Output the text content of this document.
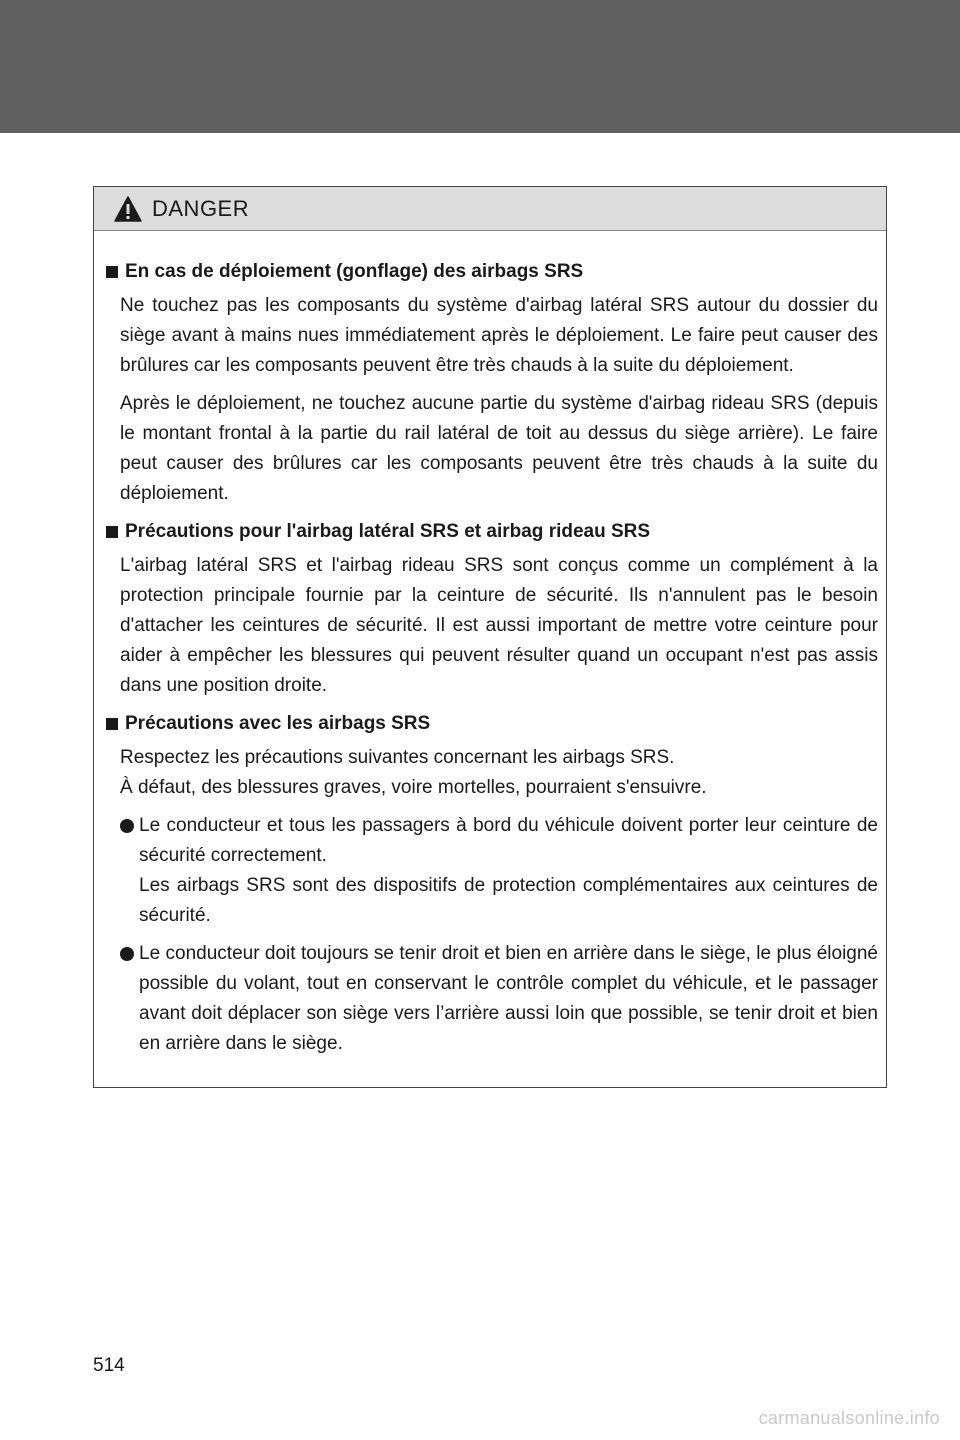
DANGER
En cas de déploiement (gonflage) des airbags SRS

Ne touchez pas les composants du système d'airbag latéral SRS autour du dossier du siège avant à mains nues immédiatement après le déploiement. Le faire peut causer des brûlures car les composants peuvent être très chauds à la suite du déploiement.

Après le déploiement, ne touchez aucune partie du système d'airbag rideau SRS (depuis le montant frontal à la partie du rail latéral de toit au dessus du siège arrière). Le faire peut causer des brûlures car les composants peuvent être très chauds à la suite du déploiement.

Précautions pour l'airbag latéral SRS et airbag rideau SRS

L'airbag latéral SRS et l'airbag rideau SRS sont conçus comme un complément à la protection principale fournie par la ceinture de sécurité. Ils n'annulent pas le besoin d'attacher les ceintures de sécurité. Il est aussi important de mettre votre ceinture pour aider à empêcher les blessures qui peuvent résulter quand un occupant n'est pas assis dans une position droite.

Précautions avec les airbags SRS

Respectez les précautions suivantes concernant les airbags SRS.
À défaut, des blessures graves, voire mortelles, pourraient s'ensuivre.

Le conducteur et tous les passagers à bord du véhicule doivent porter leur ceinture de sécurité correctement.
Les airbags SRS sont des dispositifs de protection complémentaires aux ceintures de sécurité.
Le conducteur doit toujours se tenir droit et bien en arrière dans le siège, le plus éloigné possible du volant, tout en conservant le contrôle complet du véhicule, et le passager avant doit déplacer son siège vers l’arrière aussi loin que possible, se tenir droit et bien en arrière dans le siège.
514
carmanualsonline.info
